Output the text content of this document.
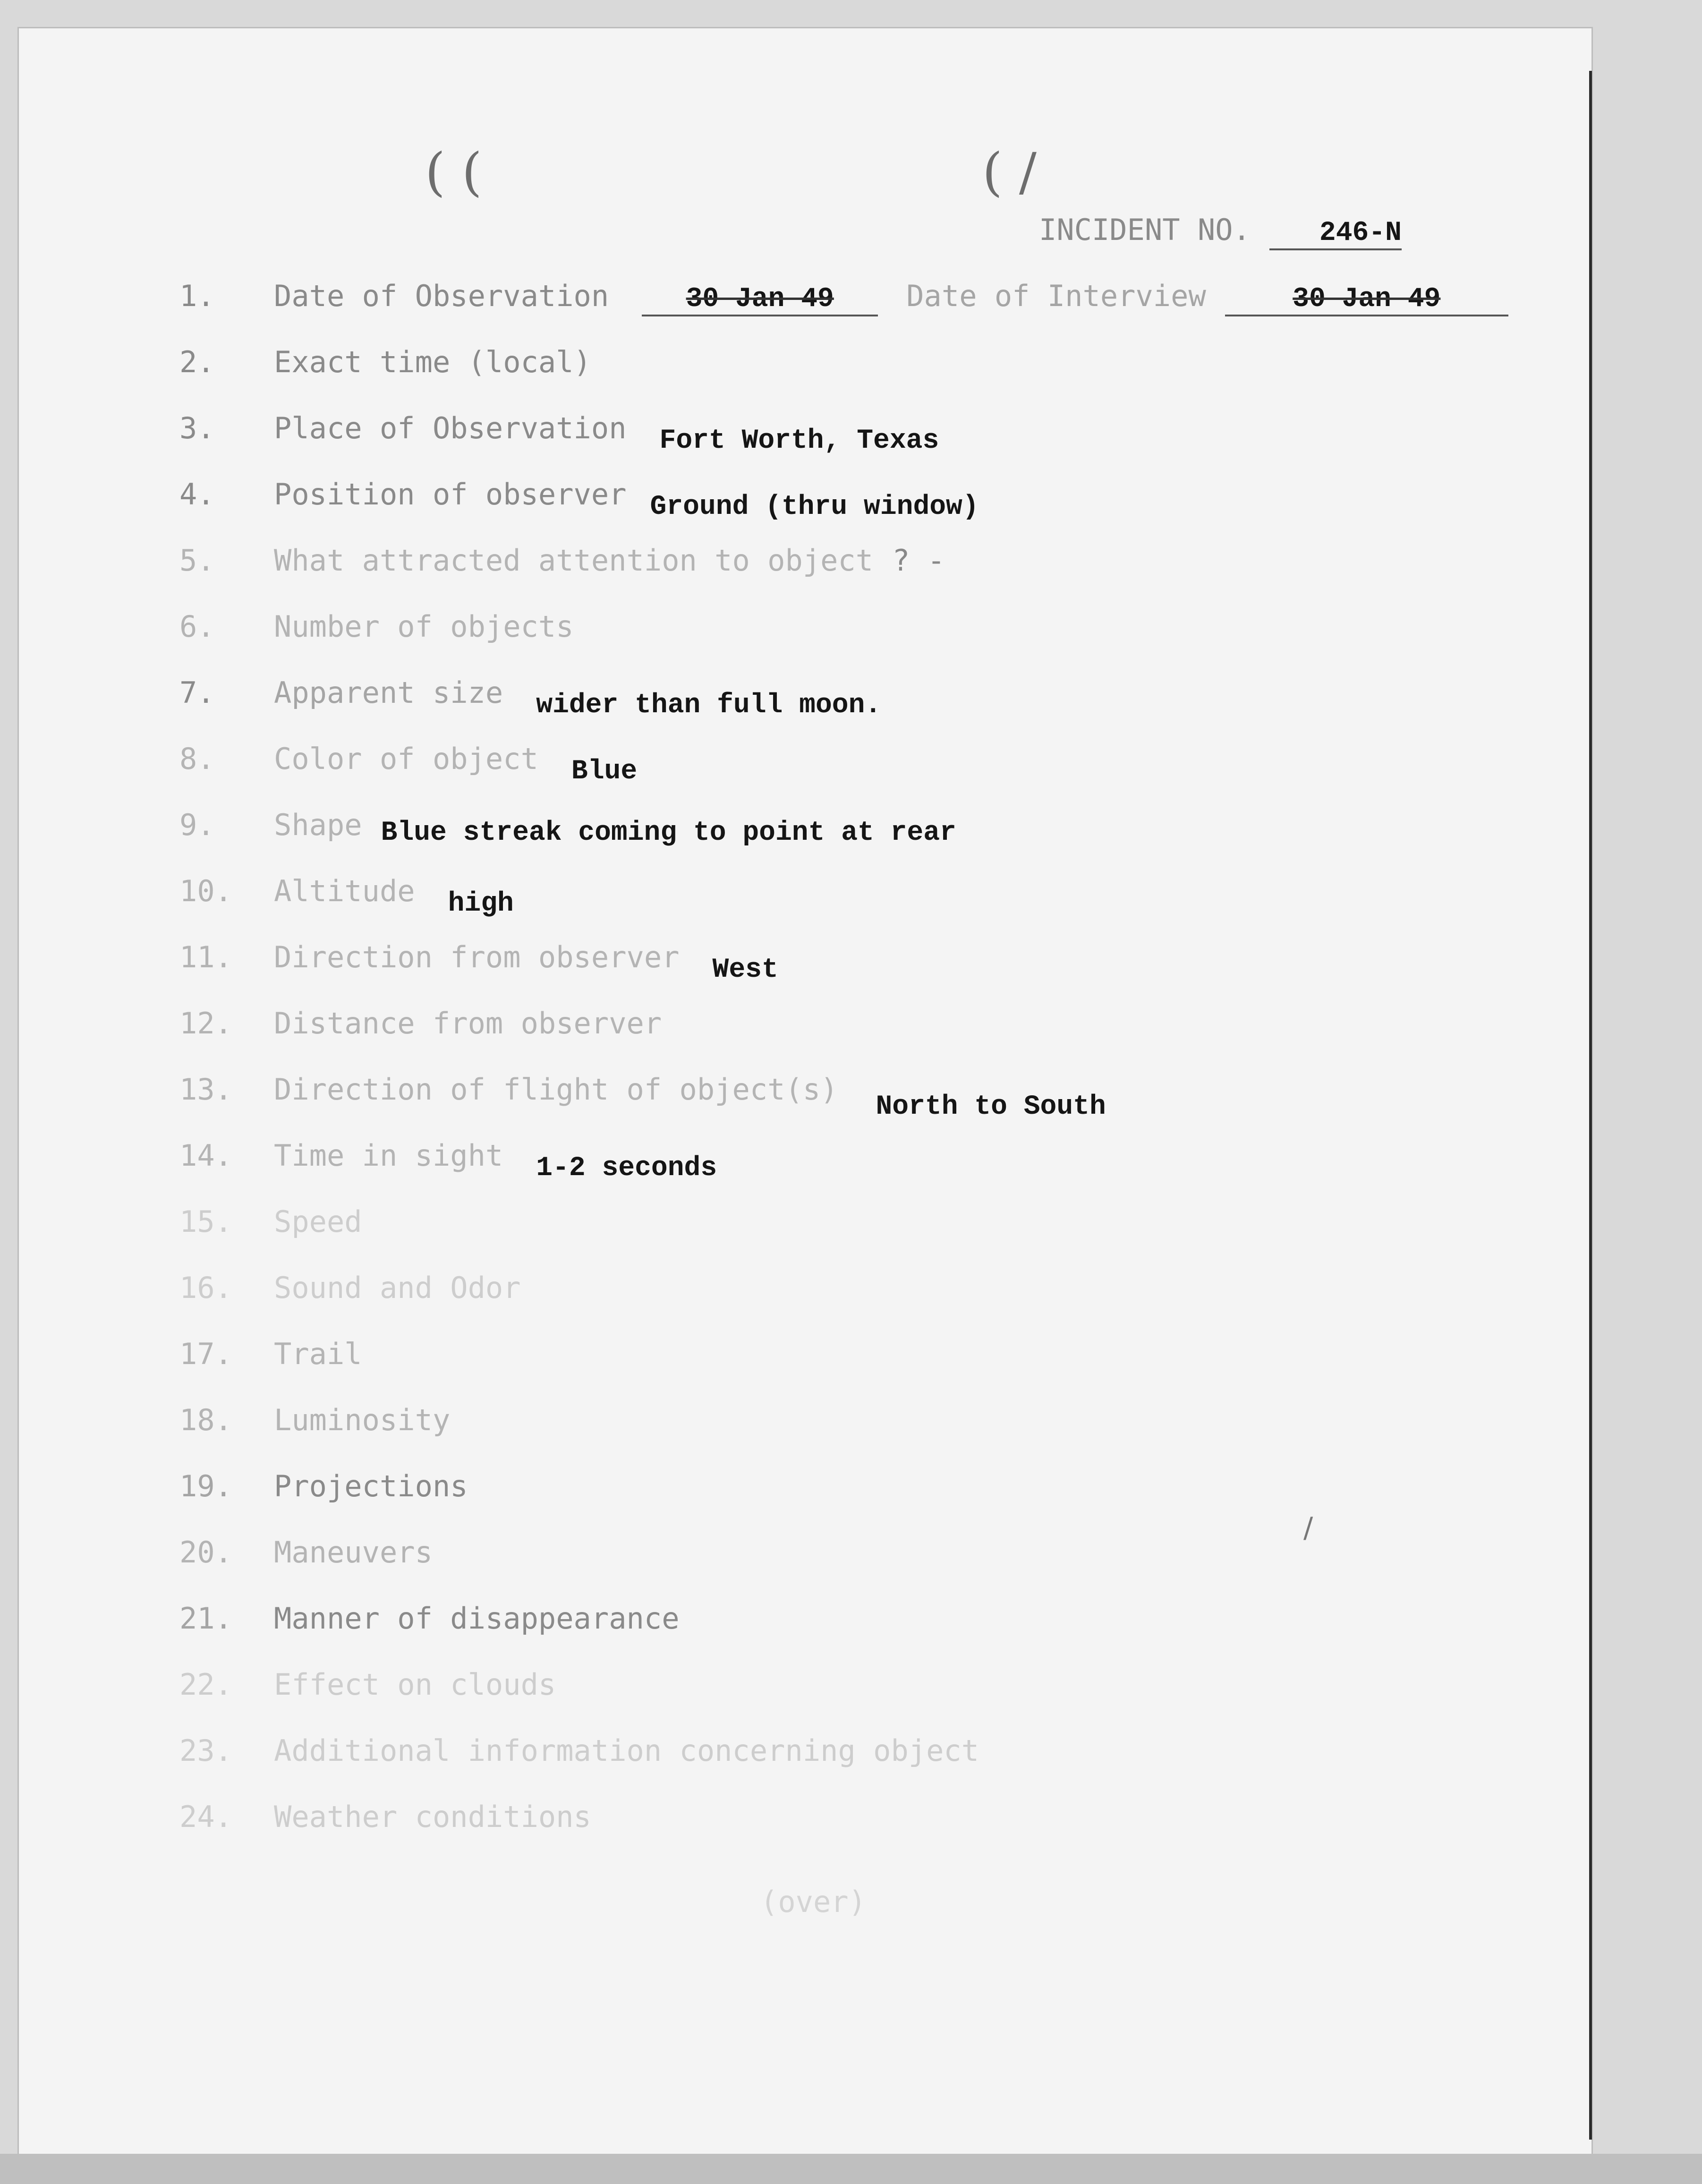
( (	( /
INCIDENT NO.	246-N
1.	Date of Observation	30 Jan 49	Date of Interview	30 Jan 49
2.	Exact time (local)
3.	Place of Observation Fort Worth, Texas
4.	Position of observer Ground (thru window)
5.	What attracted attention to object ? -
6.	Number of objects
7.	Apparent size wider than full moon.
8.	Color of object Blue
9.	Shape Blue streak coming to point at rear
10.	Altitude high
11.	Direction from observer West
12.	Distance from observer
13.	Direction of flight of object(s)
North to South
14.	Time in sight 1-2 seconds
15.	Speed
16.	Sound and Odor
17.	Trail
18.	Luminosity
19.	Projections
20.	Maneuvers
21.	Manner of disappearance
22.	Effect on clouds
23.	Additional information concerning object
24.	Weather conditions
(over)
/
